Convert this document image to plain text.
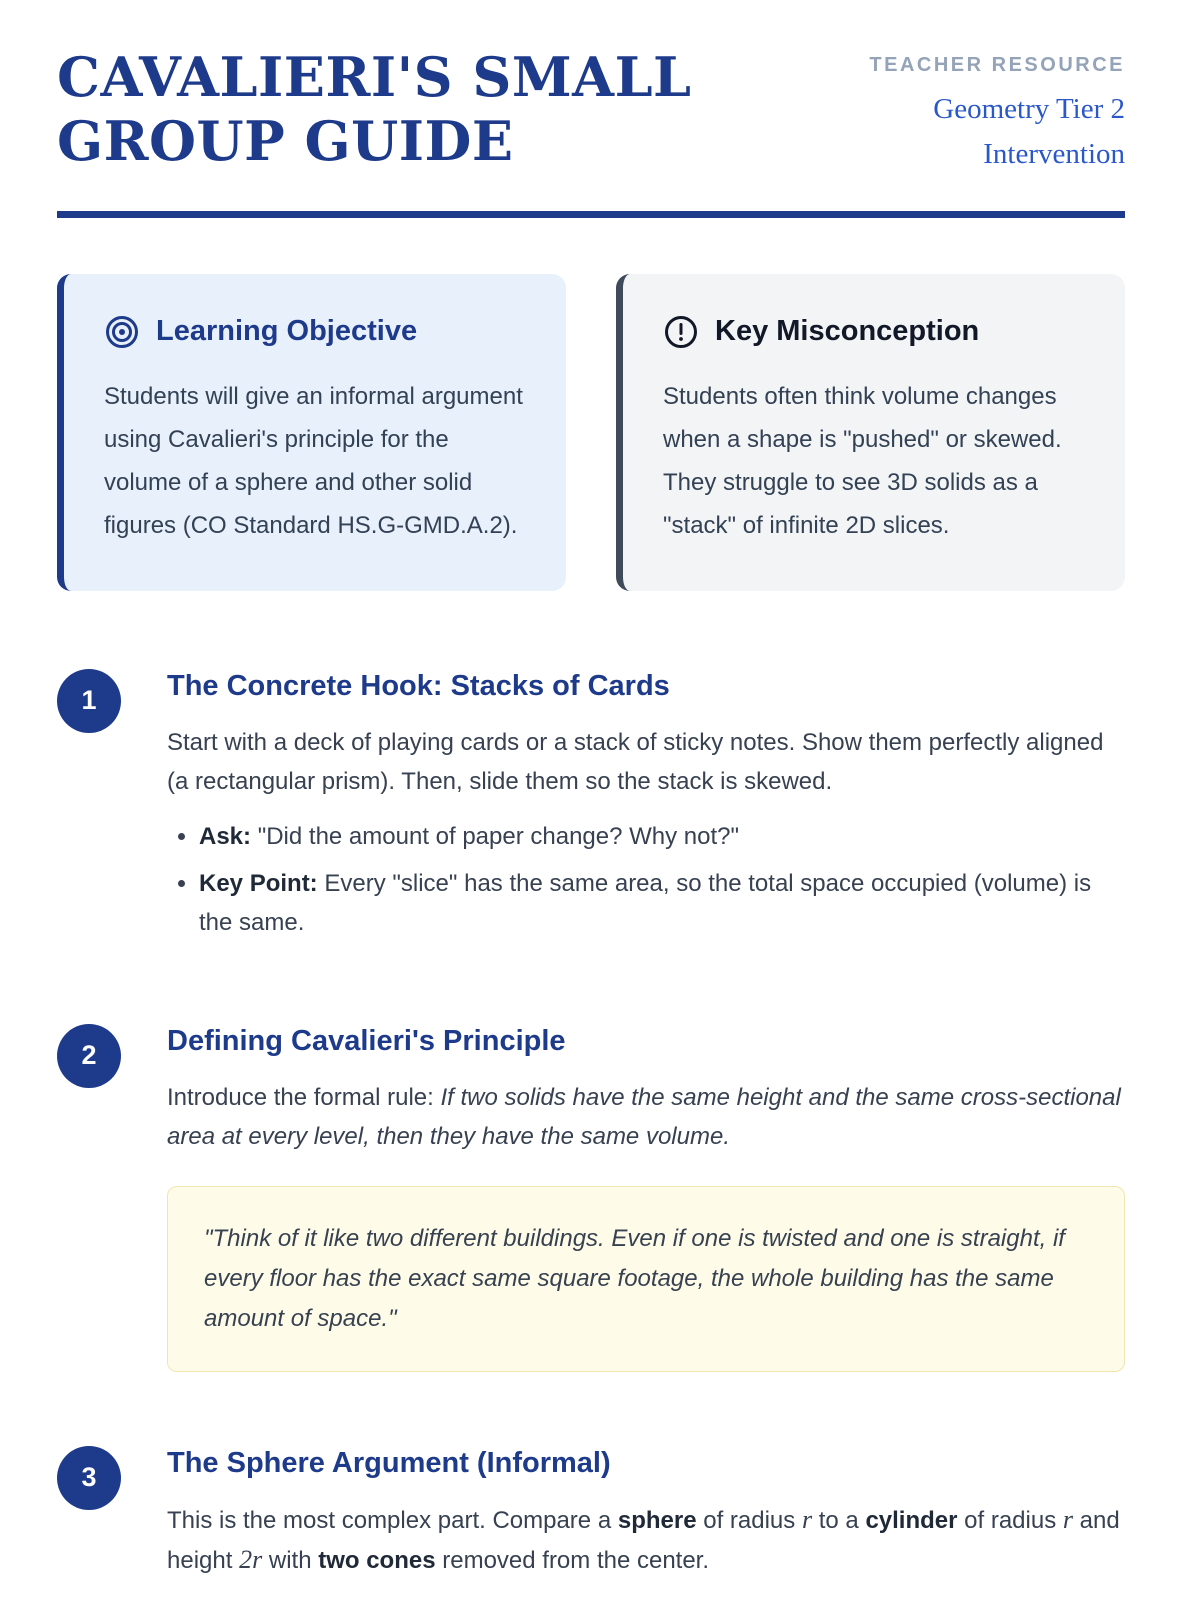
CAVALIERI'S SMALL
GROUP GUIDE
TEACHER RESOURCE
Geometry Tier 2
Intervention
Learning Objective
Students will give an informal argument using Cavalieri's principle for the volume of a sphere and other solid figures (CO Standard HS.G-GMD.A.2).
Key Misconception
Students often think volume changes when a shape is "pushed" or skewed. They struggle to see 3D solids as a "stack" of infinite 2D slices.
1	The Concrete Hook: Stacks of Cards
Start with a deck of playing cards or a stack of sticky notes. Show them perfectly aligned (a rectangular prism). Then, slide them so the stack is skewed.
• Ask: "Did the amount of paper change? Why not?"
• Key Point: Every "slice" has the same area, so the total space occupied (volume) is the same.
2	Defining Cavalieri's Principle
Introduce the formal rule: If two solids have the same height and the same cross-sectional area at every level, then they have the same volume.
"Think of it like two different buildings. Even if one is twisted and one is straight, if every floor has the exact same square footage, the whole building has the same amount of space."
3	The Sphere Argument (Informal)
This is the most complex part. Compare a sphere of radius r to a cylinder of radius r and height 2r with two cones removed from the center.
